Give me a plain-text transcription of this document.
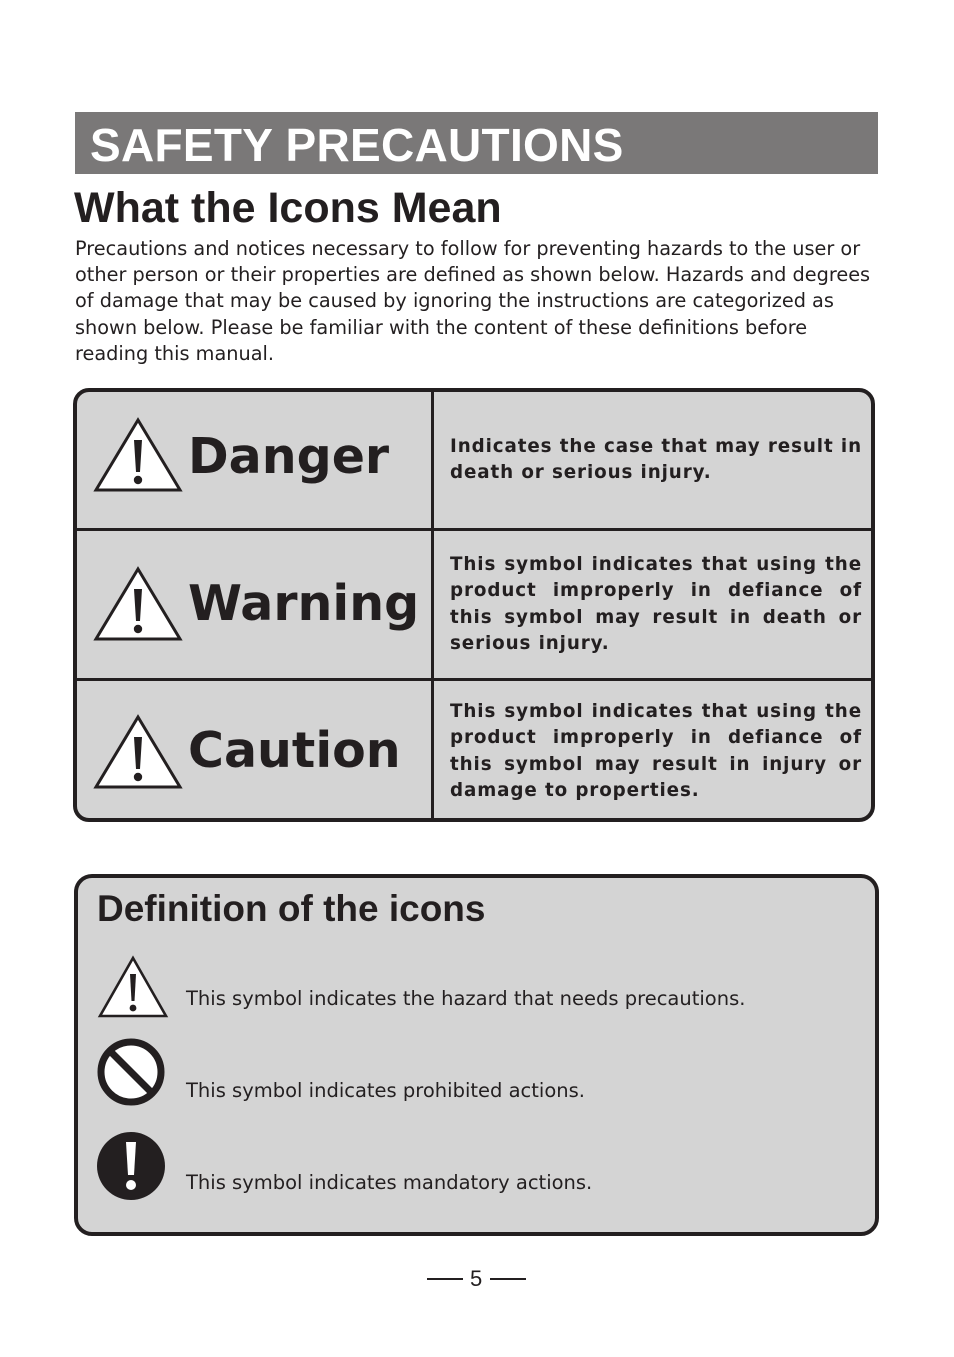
SAFETY PRECAUTIONS
What the Icons Mean

Precautions and notices necessary to follow for preventing hazards to the user or other person or their properties are defined as shown below. Hazards and degrees of damage that may be caused by ignoring the instructions are categorized as shown below. Please be familiar with the content of these definitions before reading this manual.

Danger	Indicates the case that may result in death or serious injury.

Warning

This symbol indicates that using the product improperly in defiance of this symbol may result in death or serious injury.

Caution

This symbol indicates that using the product improperly in defiance of this symbol may result in injury or damage to properties.

Definition of the icons
This symbol indicates the hazard that needs precautions.
This symbol indicates prohibited actions.
This symbol indicates mandatory actions.
5
